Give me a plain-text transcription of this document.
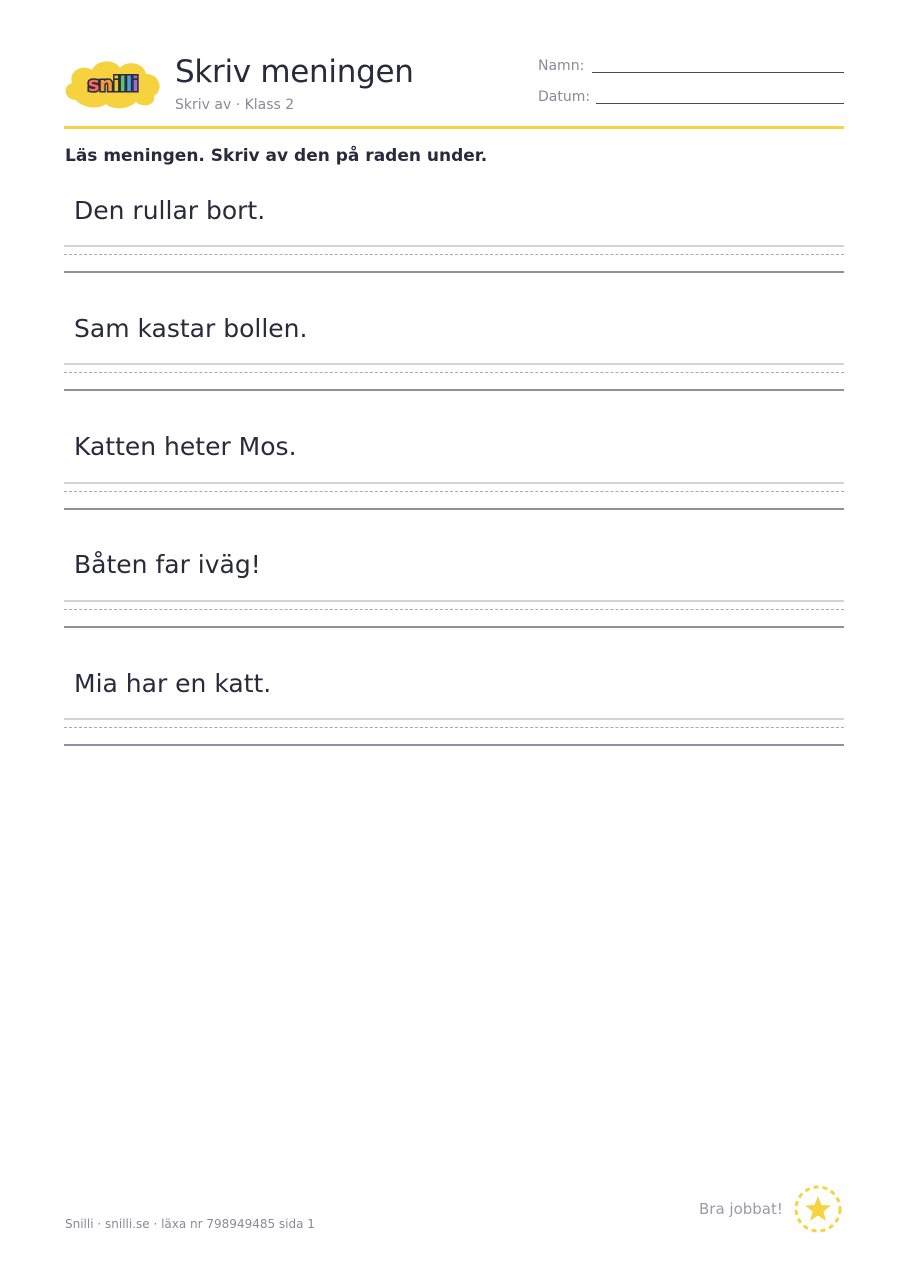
snilli Skriv meningen
Skriv av · Klass 2
Namn:
Datum:
Läs meningen. Skriv av den på raden under.
Den rullar bort.
Sam kastar bollen.
Katten heter Mos.
Båten far iväg!
Mia har en katt.
Snilli · snilli.se · läxa nr 798949485 sida 1
Bra jobbat!
